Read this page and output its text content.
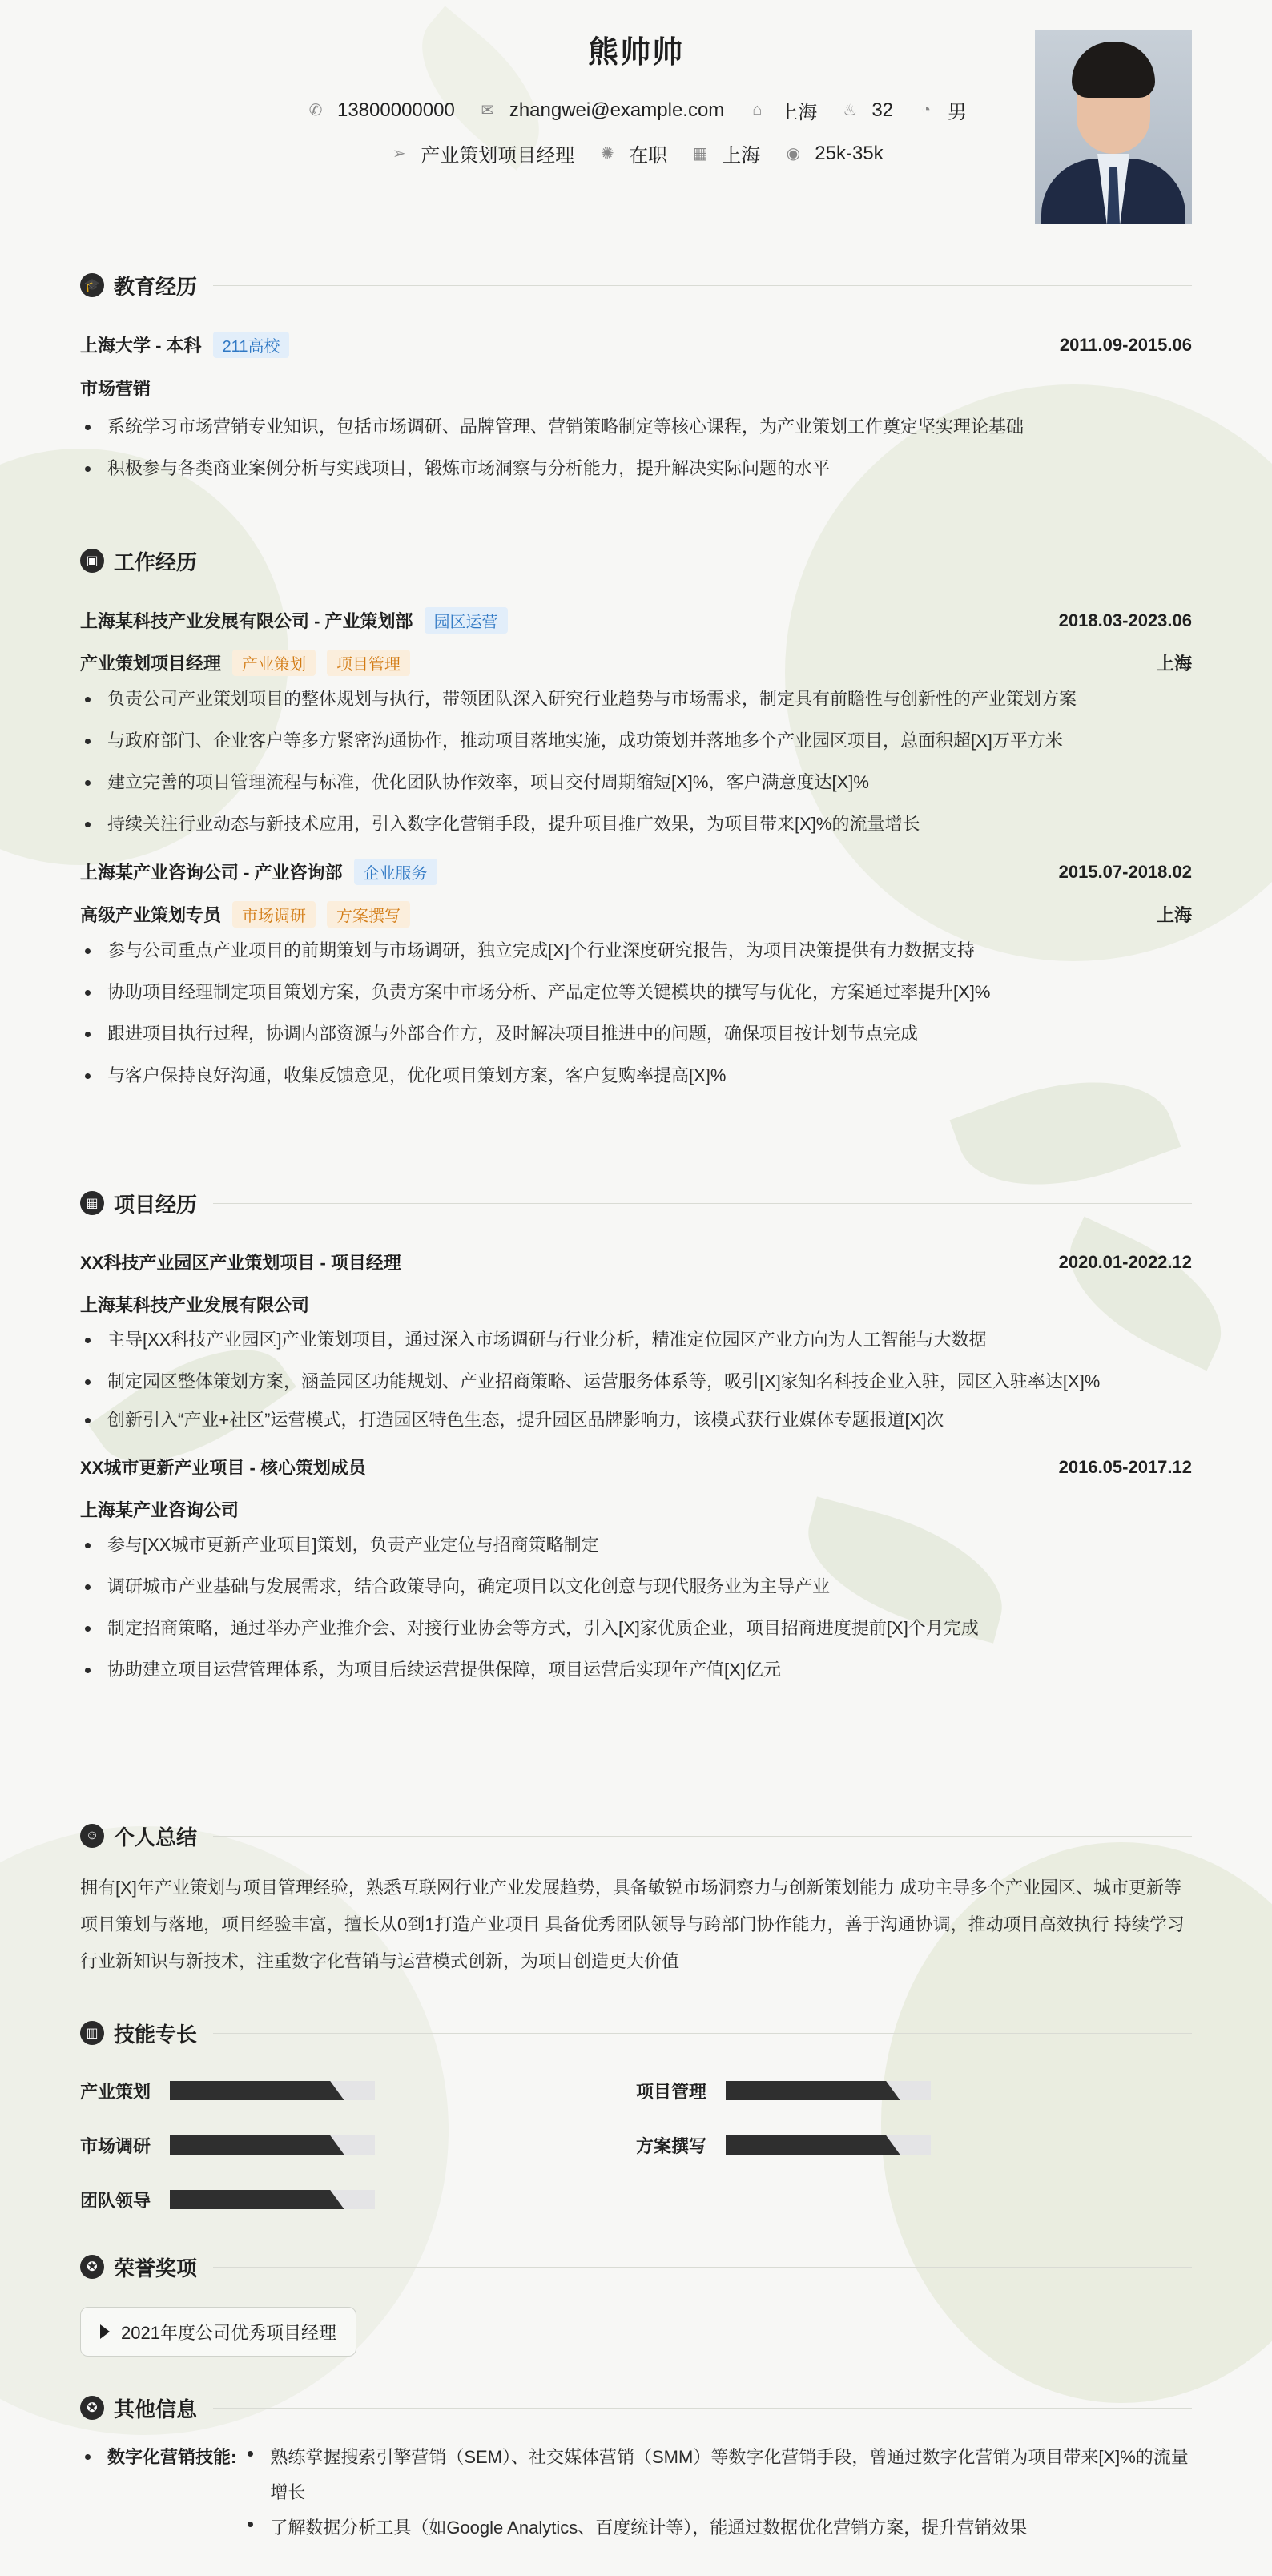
熊帅帅
✆ 13800000000 ✉ zhangwei@example.com	⌂ 上海 ♨ 32	◔ 男
➢ 产业策划项目经理 ✺ 在职 ▦ 上海 ◉ 25k-35k
🎓 教育经历
上海大学 - 本科	211高校	2011.09-2015.06
市场营销
系统学习市场营销专业知识，包括市场调研、品牌管理、营销策略制定等核心课程，为产业策划工作奠定坚实理论基础
积极参与各类商业案例分析与实践项目，锻炼市场洞察与分析能力，提升解决实际问题的水平
▣ 工作经历
上海某科技产业发展有限公司 - 产业策划部	园区运营	2018.03-2023.06
产业策划项目经理	产业策划	项目管理	上海
负责公司产业策划项目的整体规划与执行，带领团队深入研究行业趋势与市场需求，制定具有前瞻性与创新性的产业策划方案
与政府部门、企业客户等多方紧密沟通协作，推动项目落地实施，成功策划并落地多个产业园区项目，总面积超[X]万平方米
建立完善的项目管理流程与标准，优化团队协作效率，项目交付周期缩短[X]%，客户满意度达[X]%
持续关注行业动态与新技术应用，引入数字化营销手段，提升项目推广效果，为项目带来[X]%的流量增长
上海某产业咨询公司 - 产业咨询部	企业服务	2015.07-2018.02
高级产业策划专员	市场调研	方案撰写	上海
参与公司重点产业项目的前期策划与市场调研，独立完成[X]个行业深度研究报告，为项目决策提供有力数据支持
协助项目经理制定项目策划方案，负责方案中市场分析、产品定位等关键模块的撰写与优化，方案通过率提升[X]%
跟进项目执行过程，协调内部资源与外部合作方，及时解决项目推进中的问题，确保项目按计划节点完成
与客户保持良好沟通，收集反馈意见，优化项目策划方案，客户复购率提高[X]%
▦ 项目经历
XX科技产业园区产业策划项目 - 项目经理	2020.01-2022.12
上海某科技产业发展有限公司
主导[XX科技产业园区]产业策划项目，通过深入市场调研与行业分析，精准定位园区产业方向为人工智能与大数据
制定园区整体策划方案，涵盖园区功能规划、产业招商策略、运营服务体系等，吸引[X]家知名科技企业入驻，园区入驻率达[X]%
创新引入“产业+社区”运营模式，打造园区特色生态，提升园区品牌影响力，该模式获行业媒体专题报道[X]次
XX城市更新产业项目 - 核心策划成员	2016.05-2017.12
上海某产业咨询公司
参与[XX城市更新产业项目]策划，负责产业定位与招商策略制定
调研城市产业基础与发展需求，结合政策导向，确定项目以文化创意与现代服务业为主导产业
制定招商策略，通过举办产业推介会、对接行业协会等方式，引入[X]家优质企业，项目招商进度提前[X]个月完成
协助建立项目运营管理体系，为项目后续运营提供保障，项目运营后实现年产值[X]亿元
☺ 个人总结
拥有[X]年产业策划与项目管理经验，熟悉互联网行业产业发展趋势，具备敏锐市场洞察力与创新策划能力 成功主导多个产业园区、城市更新等项目策划与落地，项目经验丰富，擅长从0到1打造产业项目 具备优秀团队领导与跨部门协作能力，善于沟通协调，推动项目高效执行 持续学习行业新知识与新技术，注重数字化营销与运营模式创新，为项目创造更大价值
▥ 技能专长
产业策划	项目管理
市场调研	方案撰写
团队领导
✪ 荣誉奖项
2021年度公司优秀项目经理
✪ 其他信息
数字化营销技能:	熟练掌握搜索引擎营销（SEM）、社交媒体营销（SMM）等数字化营销手段，曾通过数字化营销为项目带来[X]%的流量增长
了解数据分析工具（如Google Analytics、百度统计等），能通过数据优化营销方案，提升营销效果
